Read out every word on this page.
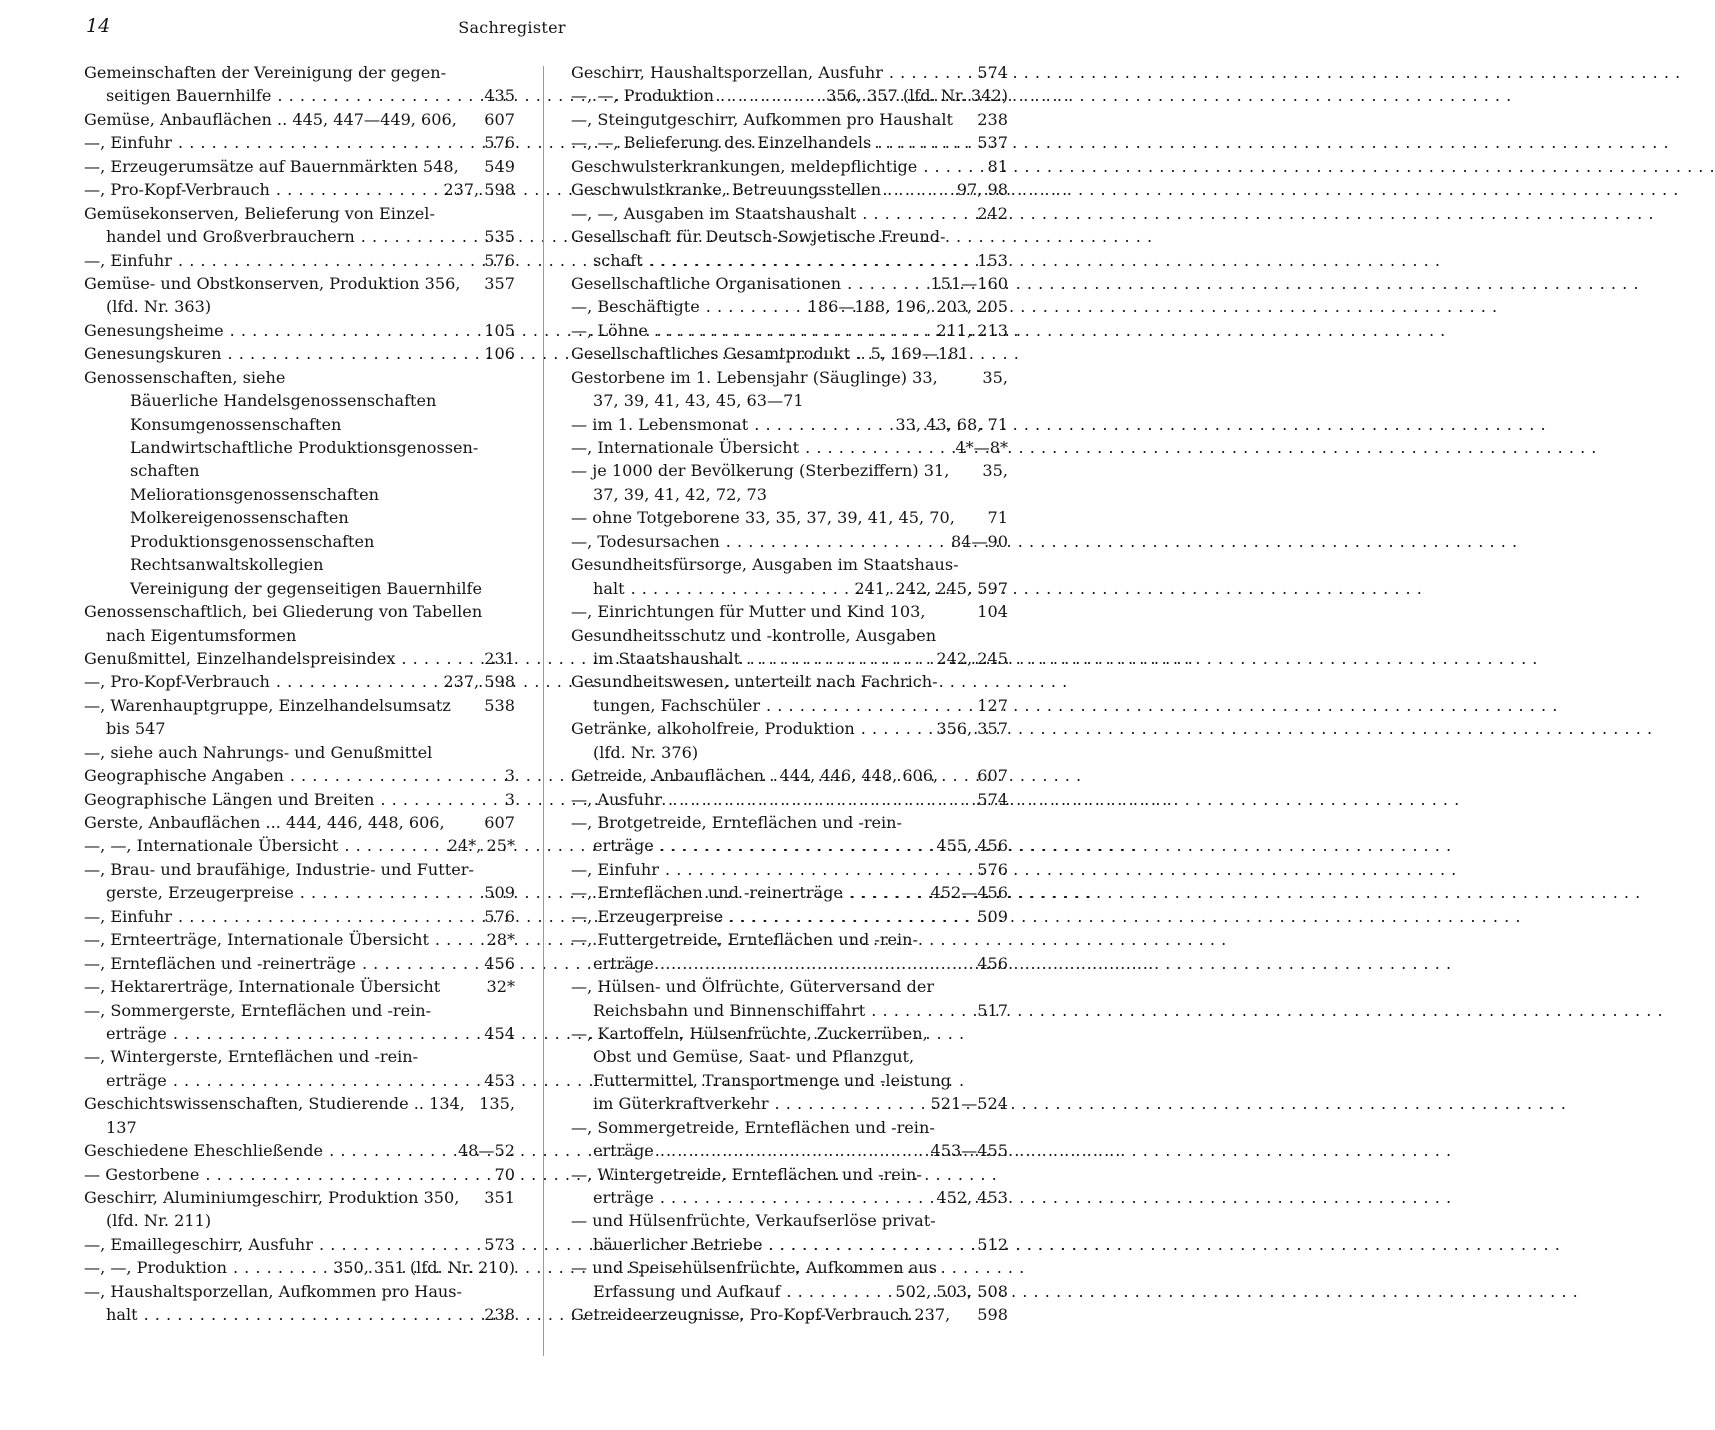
14	Sachregister
Gemeinschaften der Vereinigung der gegen-
seitigen Bauernhilfe . . .	435
Gemüse, Anbauflächen .. 445, 447—449, 606,	607
—, Einfuhr . . .	576
—, Erzeugerumsätze auf Bauernmärkten 548,	549
—, Pro-Kopf-Verbrauch . . .	237, 598
Gemüsekonserven, Belieferung von Einzel-
handel und Großverbrauchern . . .	535
—, Einfuhr . . .	576
Gemüse- und Obstkonserven, Produktion 356,	357
(lfd. Nr. 363)
Genesungsheime . . .	105
Genesungskuren . . .	106
Genossenschaften, siehe
Bäuerliche Handelsgenossenschaften
Konsumgenossenschaften
Landwirtschaftliche Produktionsgenossen-
schaften
Meliorationsgenossenschaften
Molkereigenossenschaften
Produktionsgenossenschaften
Rechtsanwaltskollegien
Vereinigung der gegenseitigen Bauernhilfe
Genossenschaftlich, bei Gliederung von Tabellen
nach Eigentumsformen
Genußmittel, Einzelhandelspreisindex . . .	231
—, Pro-Kopf-Verbrauch . . .	237, 598
—, Warenhauptgruppe, Einzelhandelsumsatz	538
bis 547
—, siehe auch Nahrungs- und Genußmittel
Geographische Angaben . . .	3
Geographische Längen und Breiten . . .	3
Gerste, Anbauflächen ... 444, 446, 448, 606,	607
—, —, Internationale Übersicht . . .	24*, 25*
—, Brau- und braufähige, Industrie- und Futter-
gerste, Erzeugerpreise . . .	509
—, Einfuhr . . .	576
—, Ernteerträge, Internationale Übersicht . . .	28*
—, Ernteflächen und -reinerträge . . .	456
—, Hektarerträge, Internationale Übersicht	32*
—, Sommergerste, Ernteflächen und -rein-
erträge . . .	454
—, Wintergerste, Ernteflächen und -rein-
erträge . . .	453
Geschichtswissenschaften, Studierende .. 134, 135,
137
Geschiedene Eheschließende . . .	48—52
— Gestorbene . . .	70
Geschirr, Aluminiumgeschirr, Produktion 350,	351
(lfd. Nr. 211)
—, Emaillegeschirr, Ausfuhr . . .	573
—, —, Produktion . . .	350, 351 (lfd. Nr. 210)
—, Haushaltsporzellan, Aufkommen pro Haus-
halt . . .	238
Geschirr, Haushaltsporzellan, Ausfuhr . . .	574
—, —, Produktion . . .	356, 357 (lfd. Nr. 342)
—, Steingutgeschirr, Aufkommen pro Haushalt	238
—, —, Belieferung des Einzelhandels . . .	537
Geschwulsterkrankungen, meldepflichtige . . .	81
Geschwulstkranke, Betreuungsstellen . . .	97, 98
—, —, Ausgaben im Staatshaushalt . . .	242
Gesellschaft für Deutsch-Sowjetische Freund-
schaft . . .	153
Gesellschaftliche Organisationen . . .	151—160
—, Beschäftigte . . .	186—188, 196, 203, 205
—, Löhne . . .	211, 213
Gesellschaftliches Gesamtprodukt .. 5, 169—181
Gestorbene im 1. Lebensjahr (Säuglinge) 33,	35,
37, 39, 41, 43, 45, 63—71
— im 1. Lebensmonat . . .	33, 43, 68, 71
—, Internationale Übersicht . . .	4*—8*
— je 1000 der Bevölkerung (Sterbeziffern) 31,	35,
37, 39, 41, 42, 72, 73
— ohne Totgeborene 33, 35, 37, 39, 41, 45, 70,	71
—, Todesursachen . . .	84—90
Gesundheitsfürsorge, Ausgaben im Staatshaus-
halt . . .	241, 242, 245, 597
—, Einrichtungen für Mutter und Kind 103,	104
Gesundheitsschutz und -kontrolle, Ausgaben
im Staatshaushalt . . .	242, 245
Gesundheitswesen, unterteilt nach Fachrich-
tungen, Fachschüler . . .	127
Getränke, alkoholfreie, Produktion . . .	356, 357
(lfd. Nr. 376)
Getreide, Anbauflächen . 444, 446, 448, 606,	607
—, Ausfuhr . . .	574
—, Brotgetreide, Ernteflächen und -rein-
erträge . . .	455, 456
—, Einfuhr . . .	576
—, Ernteflächen und -reinerträge . . .	452—456
—, Erzeugerpreise . . .	509
—, Futtergetreide, Ernteflächen und -rein-
erträge . . .	456
—, Hülsen- und Ölfrüchte, Güterversand der
Reichsbahn und Binnenschiffahrt . . .	517
—, Kartoffeln, Hülsenfrüchte, Zuckerrüben,
Obst und Gemüse, Saat- und Pflanzgut,
Futtermittel, Transportmenge und -leistung
im Güterkraftverkehr . . .	521—524
—, Sommergetreide, Ernteflächen und -rein-
erträge . . .	453—455
—, Wintergetreide, Ernteflächen und -rein-
erträge . . .	452, 453
— und Hülsenfrüchte, Verkaufserlöse privat-
bäuerlicher Betriebe . . .	512
— und Speisehülsenfrüchte, Aufkommen aus
Erfassung und Aufkauf . . .	502, 503, 508
Getreideerzeugnisse, Pro-Kopf-Verbrauch 237,	598
